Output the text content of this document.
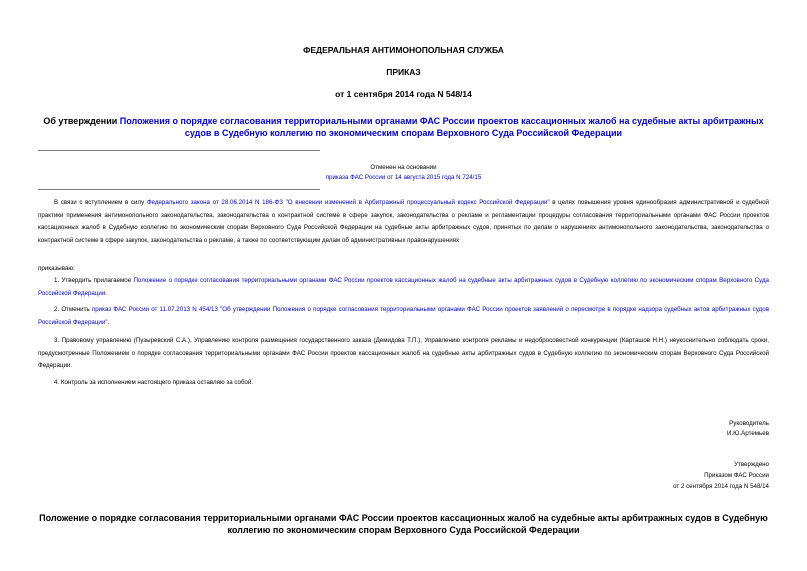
ФЕДЕРАЛЬНАЯ АНТИМОНОПОЛЬНАЯ СЛУЖБА
ПРИКАЗ
от 1 сентября 2014 года N 548/14
Об утверждении Положения о порядке согласования территориальными органами ФАС России проектов кассационных жалоб на судебные акты арбитражных
судов в Судебную коллегию по экономическим спорам Верховного Суда Российской Федерации
Отменен на основании
приказа ФАС России от 14 августа 2015 года N 724/15
В связи с вступлением в силу Федерального закона от 28.06.2014 N 186-ФЗ "О внесении изменений в Арбитражный процессуальный кодекс Российской Федерации" в целях повышения уровня единообразия административной и судебной практики применения антимонопольного законодательства, законодательства о контрактной системе в сфере закупок, законодательства о рекламе и регламентации процедуры согласования территориальными органами ФАС России проектов кассационных жалоб в Судебную коллегию по экономическим спорам Верховного Суда Российской Федерации на судебные акты арбитражных судов, принятых по делам о нарушениях антимонопольного законодательства, законодательства о контрактной системе в сфере закупок, законодательства о рекламе, а также по соответствующим делам об административных правонарушениях
приказываю:
1. Утвердить прилагаемое Положение о порядке согласования территориальными органами ФАС России проектов кассационных жалоб на судебные акты арбитражных судов в Судебную коллегию по экономическим спорам Верховного Суда Российской Федерации.
2. Отменить приказ ФАС России от 11.07.2013 N 454/13 "Об утверждении Положения о порядке согласования территориальными органами ФАС России проектов заявлений о пересмотре в порядке надзора судебных актов арбитражных судов Российской Федерации".
3. Правовому управлению (Пузыревский С.А.), Управлению контроля размещения государственного заказа (Демидова Т.П.), Управлению контроля рекламы и недобросовестной конкуренции (Карташов Н.Н.) неукоснительно соблюдать сроки, предусмотренные Положением о порядке согласования территориальными органами ФАС России проектов кассационных жалоб на судебные акты арбитражных судов в Судебную коллегию по экономическим спорам Верховного Суда Российской Федерации.
4. Контроль за исполнением настоящего приказа оставляю за собой.
Руководитель
И.Ю.Артемьев
Утверждено
Приказом ФАС России
от 2 сентября 2014 года N 548/14
Положение о порядке согласования территориальными органами ФАС России проектов кассационных жалоб на судебные акты арбитражных судов в Судебную
коллегию по экономическим спорам Верховного Суда Российской Федерации
